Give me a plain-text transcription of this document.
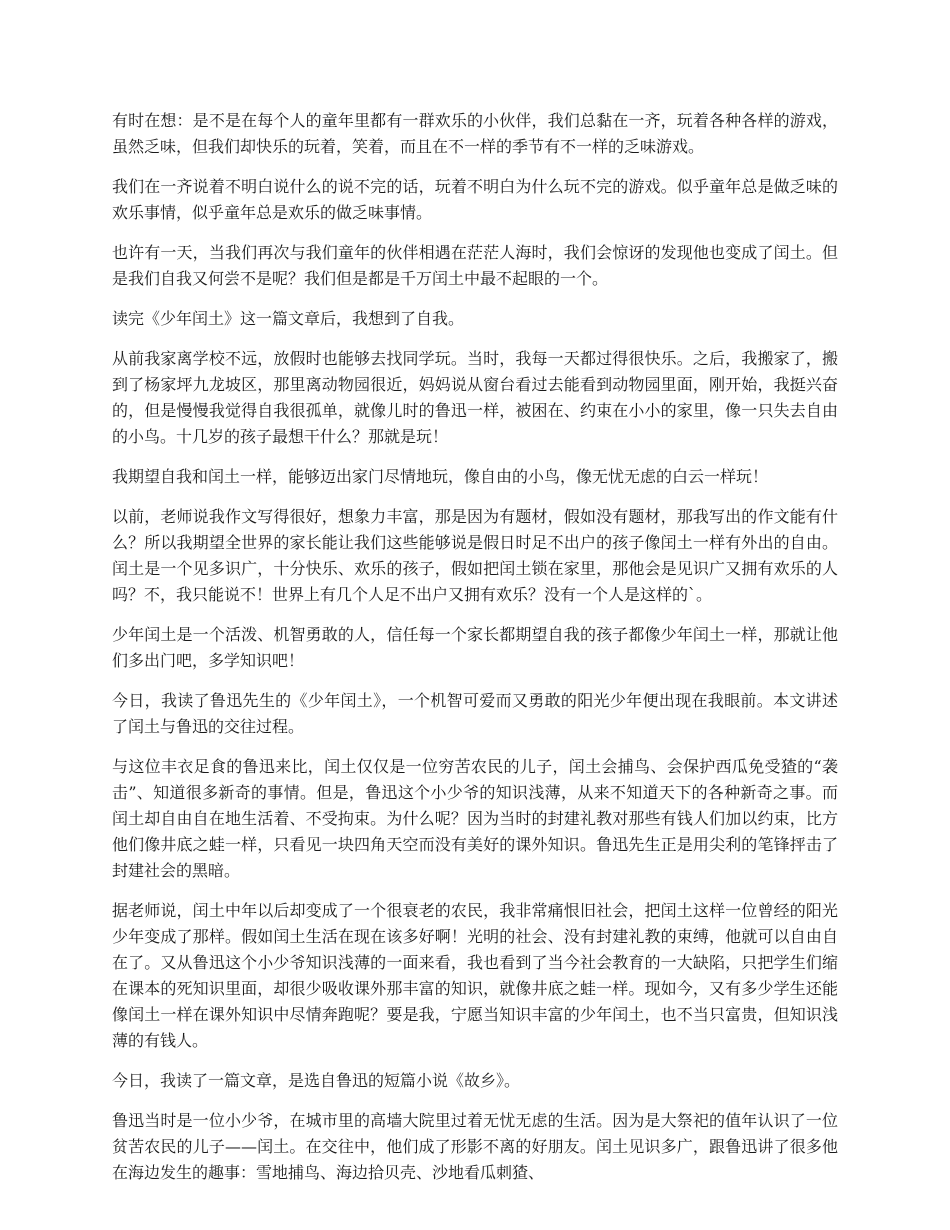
有时在想：是不是在每个人的童年里都有一群欢乐的小伙伴，我们总黏在一齐，玩着各种各样的游戏，虽然乏味，但我们却快乐的玩着，笑着，而且在不一样的季节有不一样的乏味游戏。

我们在一齐说着不明白说什么的说不完的话，玩着不明白为什么玩不完的游戏。似乎童年总是做乏味的欢乐事情，似乎童年总是欢乐的做乏味事情。

也许有一天，当我们再次与我们童年的伙伴相遇在茫茫人海时，我们会惊讶的发现他也变成了闰土。但是我们自我又何尝不是呢？我们但是都是千万闰土中最不起眼的一个。

读完《少年闰土》这一篇文章后，我想到了自我。

从前我家离学校不远，放假时也能够去找同学玩。当时，我每一天都过得很快乐。之后，我搬家了，搬到了杨家坪九龙坡区，那里离动物园很近，妈妈说从窗台看过去能看到动物园里面，刚开始，我挺兴奋的，但是慢慢我觉得自我很孤单，就像儿时的鲁迅一样，被困在、约束在小小的家里，像一只失去自由的小鸟。十几岁的孩子最想干什么？那就是玩！

我期望自我和闰土一样，能够迈出家门尽情地玩，像自由的小鸟，像无忧无虑的白云一样玩！

以前，老师说我作文写得很好，想象力丰富，那是因为有题材，假如没有题材，那我写出的作文能有什么？所以我期望全世界的家长能让我们这些能够说是假日时足不出户的孩子像闰土一样有外出的自由。闰土是一个见多识广，十分快乐、欢乐的孩子，假如把闰土锁在家里，那他会是见识广又拥有欢乐的人吗？不，我只能说不！世界上有几个人足不出户又拥有欢乐？没有一个人是这样的`。

少年闰土是一个活泼、机智勇敢的人，信任每一个家长都期望自我的孩子都像少年闰土一样，那就让他们多出门吧，多学知识吧！

今日，我读了鲁迅先生的《少年闰土》，一个机智可爱而又勇敢的阳光少年便出现在我眼前。本文讲述了闰土与鲁迅的交往过程。

与这位丰衣足食的鲁迅来比，闰土仅仅是一位穷苦农民的儿子，闰土会捕鸟、会保护西瓜免受猹的“袭击”、知道很多新奇的事情。但是，鲁迅这个小少爷的知识浅薄，从来不知道天下的各种新奇之事。而闰土却自由自在地生活着、不受拘束。为什么呢？因为当时的封建礼教对那些有钱人们加以约束，比方他们像井底之蛙一样，只看见一块四角天空而没有美好的课外知识。鲁迅先生正是用尖利的笔锋抨击了封建社会的黑暗。

据老师说，闰土中年以后却变成了一个很衰老的农民，我非常痛恨旧社会，把闰土这样一位曾经的阳光少年变成了那样。假如闰土生活在现在该多好啊！光明的社会、没有封建礼教的束缚，他就可以自由自在了。又从鲁迅这个小少爷知识浅薄的一面来看，我也看到了当今社会教育的一大缺陷，只把学生们缩在课本的死知识里面，却很少吸收课外那丰富的知识，就像井底之蛙一样。现如今，又有多少学生还能像闰土一样在课外知识中尽情奔跑呢？要是我，宁愿当知识丰富的少年闰土，也不当只富贵，但知识浅薄的有钱人。

今日，我读了一篇文章，是选自鲁迅的短篇小说《故乡》。

鲁迅当时是一位小少爷，在城市里的高墙大院里过着无忧无虑的生活。因为是大祭祀的值年认识了一位贫苦农民的儿子——闰土。在交往中，他们成了形影不离的好朋友。闰土见识多广，跟鲁迅讲了很多他在海边发生的趣事：雪地捕鸟、海边拾贝壳、沙地看瓜刺猹、
